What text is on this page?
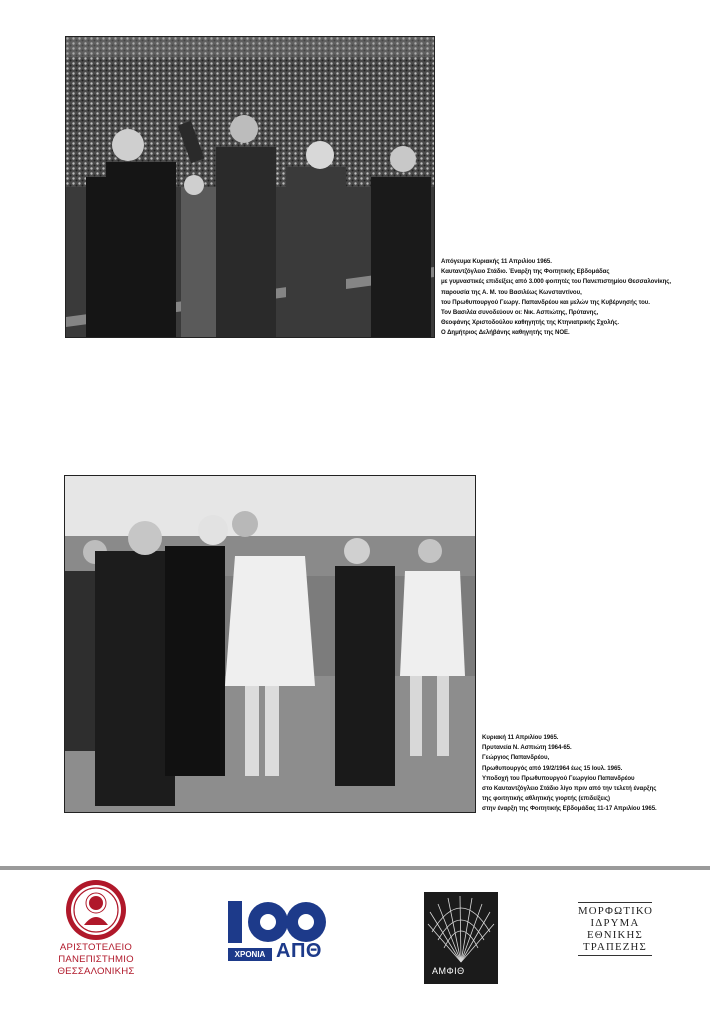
Απόγευμα Κυριακής 11 Απριλίου 1965.
Καυταντζόγλειο Στάδιο. Έναρξη της Φοιτητικής Εβδομάδας
με γυμναστικές επιδείξεις από 3.000 φοιτητές του Πανεπιστημίου Θεσσαλονίκης,
παρουσία της Α. Μ. του Βασιλέως Κωνσταντίνου,
του Πρωθυπουργού Γεωργ. Παπανδρέου και μελών της Κυβέρνησής του.
Τον Βασιλέα συνοδεύουν οι: Νικ. Ασπιώτης, Πρύτανης,
Θεοφάνης Χριστοδούλου καθηγητής της Κτηνιατρικής Σχολής.
Ο Δημήτριος Δελήβάνης καθηγητής της ΝΟΕ.
Κυριακή 11 Απριλίου 1965.
Πρυτανεία Ν. Ασπιώτη 1964-65.
Γεώργιος Παπανδρέου,
Πρωθυπουργός από 19/2/1964 έως 15 Ιουλ. 1965.
Υποδοχή του Πρωθυπουργού Γεωργίου Παπανδρέου
στο Καυταντζόγλειο Στάδιο λίγο πριν από την τελετή έναρξης
της φοιτητικής αθλητικής γιορτής (επιδείξεις)
στην έναρξη της Φοιτητικής Εβδομάδας 11-17 Απριλίου 1965.
ΑΡΙΣΤΟΤΕΛΕΙΟ
ΠΑΝΕΠΙΣΤΗΜΙΟ
ΘΕΣΣΑΛΟΝΙΚΗΣ
ΧΡΟΝΙΑ ΑΠΘ
ΑΜΦΙΘ
ΜΟΡΦΩΤΙΚΟ
ΙΔΡΥΜΑ
ΕΘΝΙΚΗΣ
ΤΡΑΠΕΖΗΣ
